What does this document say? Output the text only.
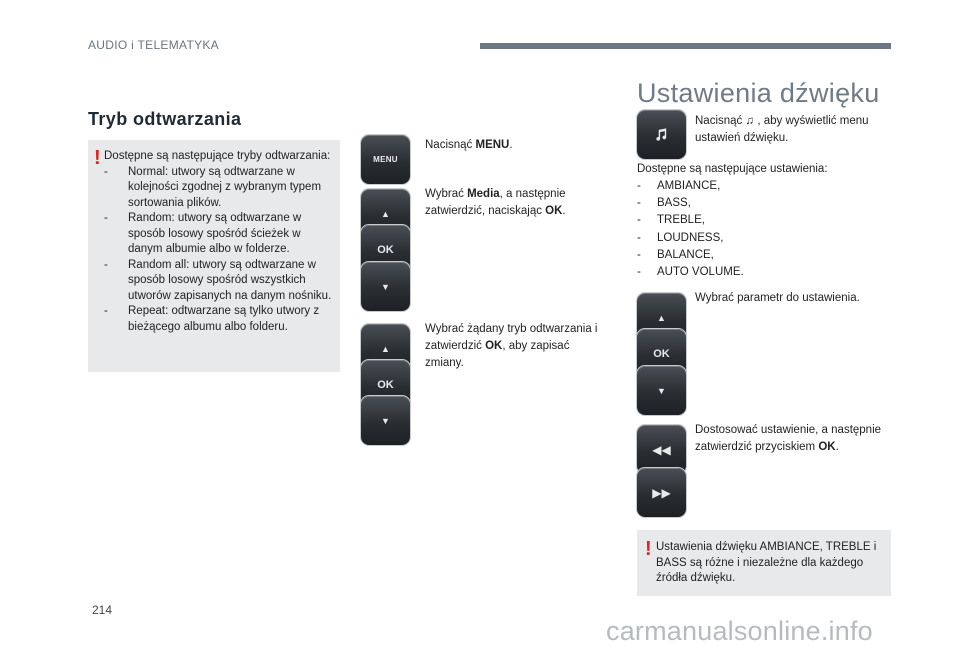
AUDIO i TELEMATYKA
Tryb odtwarzania
! Dostępne są następujące tryby odtwarzania:
-	Normal: utwory są odtwarzane w kolejności zgodnej z wybranym typem sortowania plików.
-	Random: utwory są odtwarzane w sposób losowy spośród ścieżek w danym albumie albo w folderze.
-	Random all: utwory są odtwarzane w sposób losowy spośród wszystkich utworów zapisanych na danym nośniku.
-	Repeat: odtwarzane są tylko utwory z bieżącego albumu albo folderu.
MENU
Nacisnąć MENU.
▲
OK
▼
Wybrać Media, a następnie zatwierdzić, naciskając OK.
▲
OK
▼
Wybrać żądany tryb odtwarzania i zatwierdzić OK, aby zapisać zmiany.
Ustawienia dźwięku
Nacisnąć ♫ , aby wyświetlić menu ustawień dźwięku.
Dostępne są następujące ustawienia:
-	AMBIANCE,
-	BASS,
-	TREBLE,
-	LOUDNESS,
-	BALANCE,
-	AUTO VOLUME.
▲
OK
▼
Wybrać parametr do ustawienia.
◀◀
▶▶
Dostosować ustawienie, a następnie zatwierdzić przyciskiem OK.
! Ustawienia dźwięku AMBIANCE, TREBLE i BASS są różne i niezależne dla każdego źródła dźwięku.
214
carmanualsonline.info
